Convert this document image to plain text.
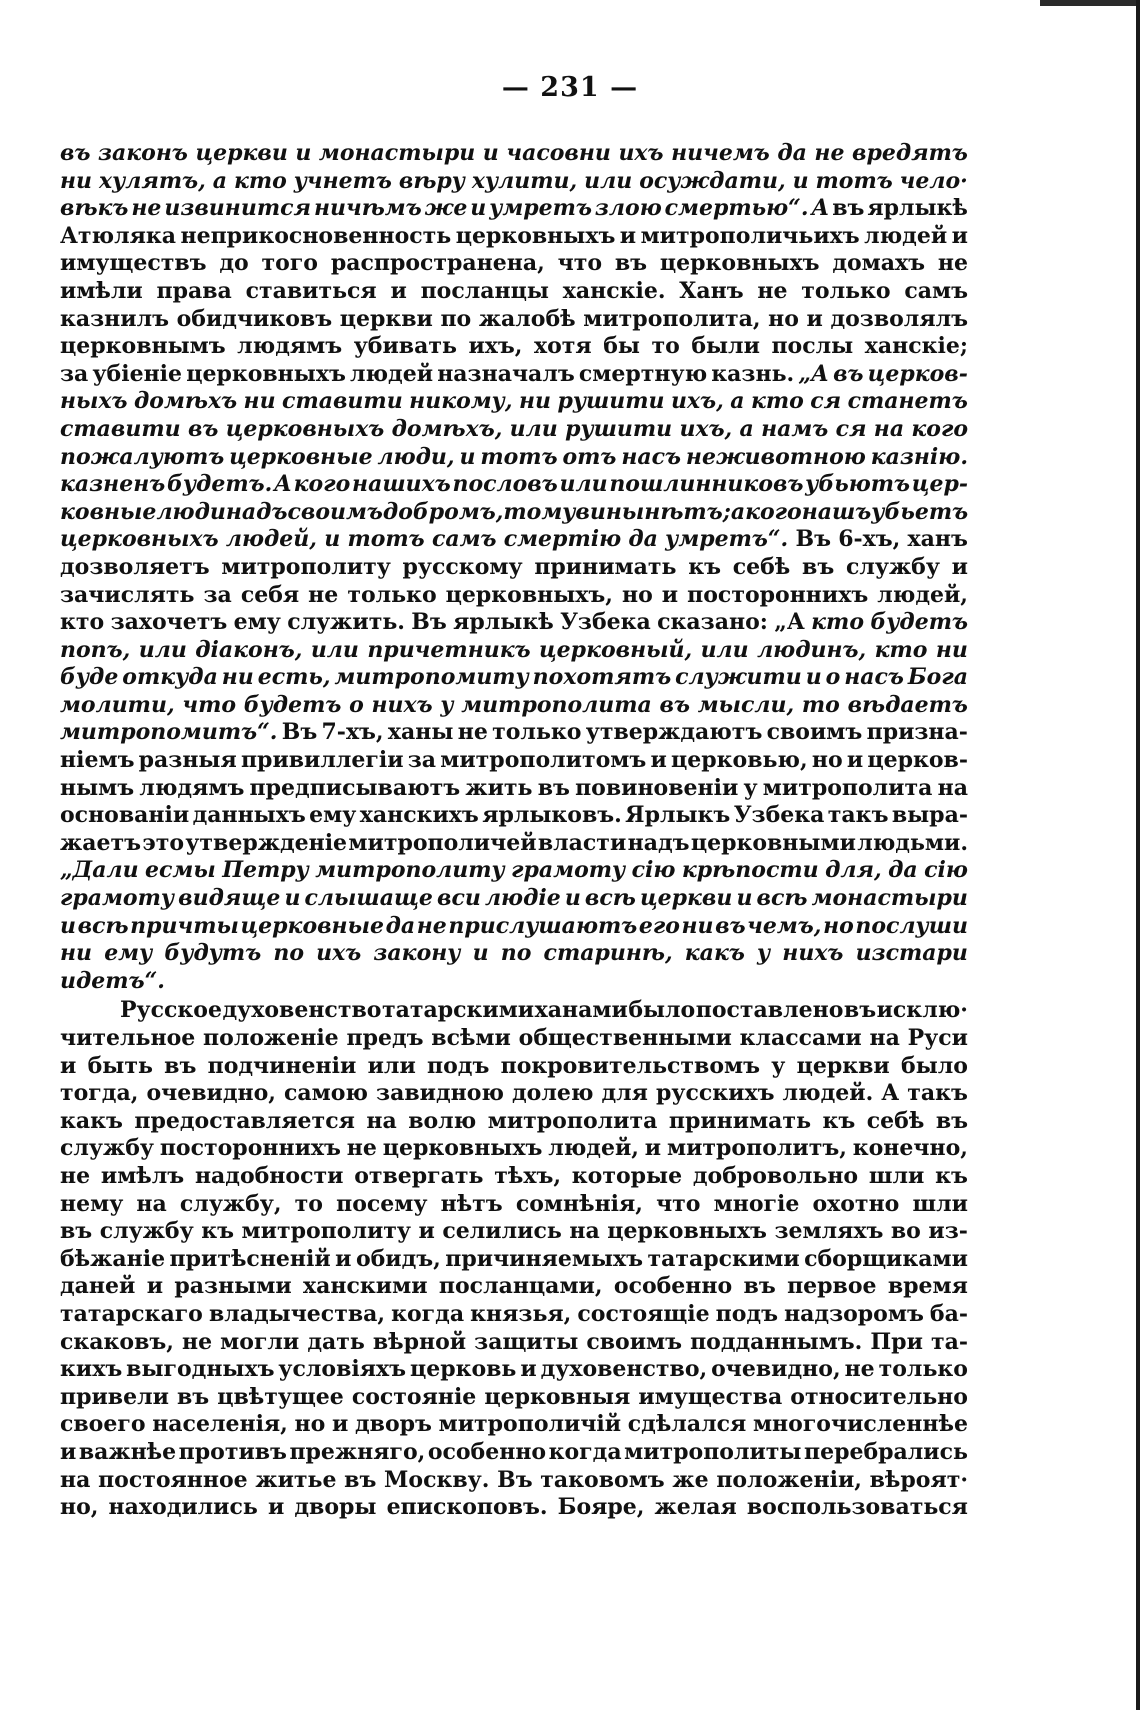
— 231 —
въ законъ церкви и монастыри и часовни ихъ ничемъ да не вредятъ
ни хулятъ, а кто учнетъ вѣру хулити, или осуждати, и тотъ чело·
вѣкъ не извинится ничѣмъ же и умретъ злою смертью“. А въ ярлыкѣ
Атюляка неприкосновенность церковныхъ и митрополичьихъ людей и
имуществъ до того распространена, что въ церковныхъ домахъ не
имѣли права ставиться и посланцы ханскіе. Ханъ не только самъ
казнилъ обидчиковъ церкви по жалобѣ митрополита, но и дозволялъ
церковнымъ людямъ убивать ихъ, хотя бы то были послы ханскіе;
за убіеніе церковныхъ людей назначалъ смертную казнь. „А въ церков-
ныхъ домѣхъ ни ставити никому, ни рушити ихъ, а кто ся станетъ
ставити въ церковныхъ домѣхъ, или рушити ихъ, а намъ ся на кого
пожалуютъ церковные люди, и тотъ отъ насъ неживотною казнію.
казненъ будетъ. А кого нашихъ пословъ или пошлинниковъ убьютъ цер-
ковные люди надъ своимъ добромъ, тому вины нѣтъ; а кого нашъ убьетъ
церковныхъ людей, и тотъ самъ смертію да умретъ“. Въ 6-хъ, ханъ
дозволяетъ митрополиту русскому принимать къ себѣ въ службу и
зачислять за себя не только церковныхъ, но и постороннихъ людей,
кто захочетъ ему служить. Въ ярлыкѣ Узбека сказано: „А кто будетъ
попъ, или діаконъ, или причетникъ церковный, или людинъ, кто ни
буде откуда ни есть, митропомиту похотятъ служити и о насъ Бога
молити, что будетъ о нихъ у митрополита въ мысли, то вѣдаетъ
митропомитъ“. Въ 7-хъ, ханы не только утверждаютъ своимъ призна-
ніемъ разныя привиллегіи за митрополитомъ и церковью, но и церков-
нымъ людямъ предписываютъ жить въ повиновеніи у митрополита на
основаніи данныхъ ему ханскихъ ярлыковъ. Ярлыкъ Узбека такъ выра-
жаетъ это утвержденіе митрополичей власти надъ церковными людьми.
„Дали есмы Петру митрополиту грамоту сію крѣпости для, да сію
грамоту видяще и слышаще вси людіе и всѣ церкви и всѣ монастыри
и всѣ причты церковные да не прислушаютъ его ни въ чемъ, но послуши
ни ему будутъ по ихъ закону и по старинѣ, какъ у нихъ изстари
идетъ“.
Русское духовенство татарскими ханами было поставлено въ исклю·
чительное положеніе предъ всѣми общественными классами на Руси
и быть въ подчиненіи или подъ покровительствомъ у церкви было
тогда, очевидно, самою завидною долею для русскихъ людей. А такъ
какъ предоставляется на волю митрополита принимать къ себѣ въ
службу постороннихъ не церковныхъ людей, и митрополитъ, конечно,
не имѣлъ надобности отвергать тѣхъ, которые добровольно шли къ
нему на службу, то посему нѣтъ сомнѣнія, что многіе охотно шли
въ службу къ митрополиту и селились на церковныхъ земляхъ во из-
бѣжаніе притѣсненій и обидъ, причиняемыхъ татарскими сборщиками
даней и разными ханскими посланцами, особенно въ первое время
татарскаго владычества, когда князья, состоящіе подъ надзоромъ ба-
скаковъ, не могли дать вѣрной защиты своимъ подданнымъ. При та-
кихъ выгодныхъ условіяхъ церковь и духовенство, очевидно, не только
привели въ цвѣтущее состояніе церковныя имущества относительно
своего населенія, но и дворъ митрополичій сдѣлался многочисленнѣе
и важнѣе противъ прежняго, особенно когда митрополиты перебрались
на постоянное житье въ Москву. Въ таковомъ же положеніи, вѣроят·
но, находились и дворы епископовъ. Бояре, желая воспользоваться
